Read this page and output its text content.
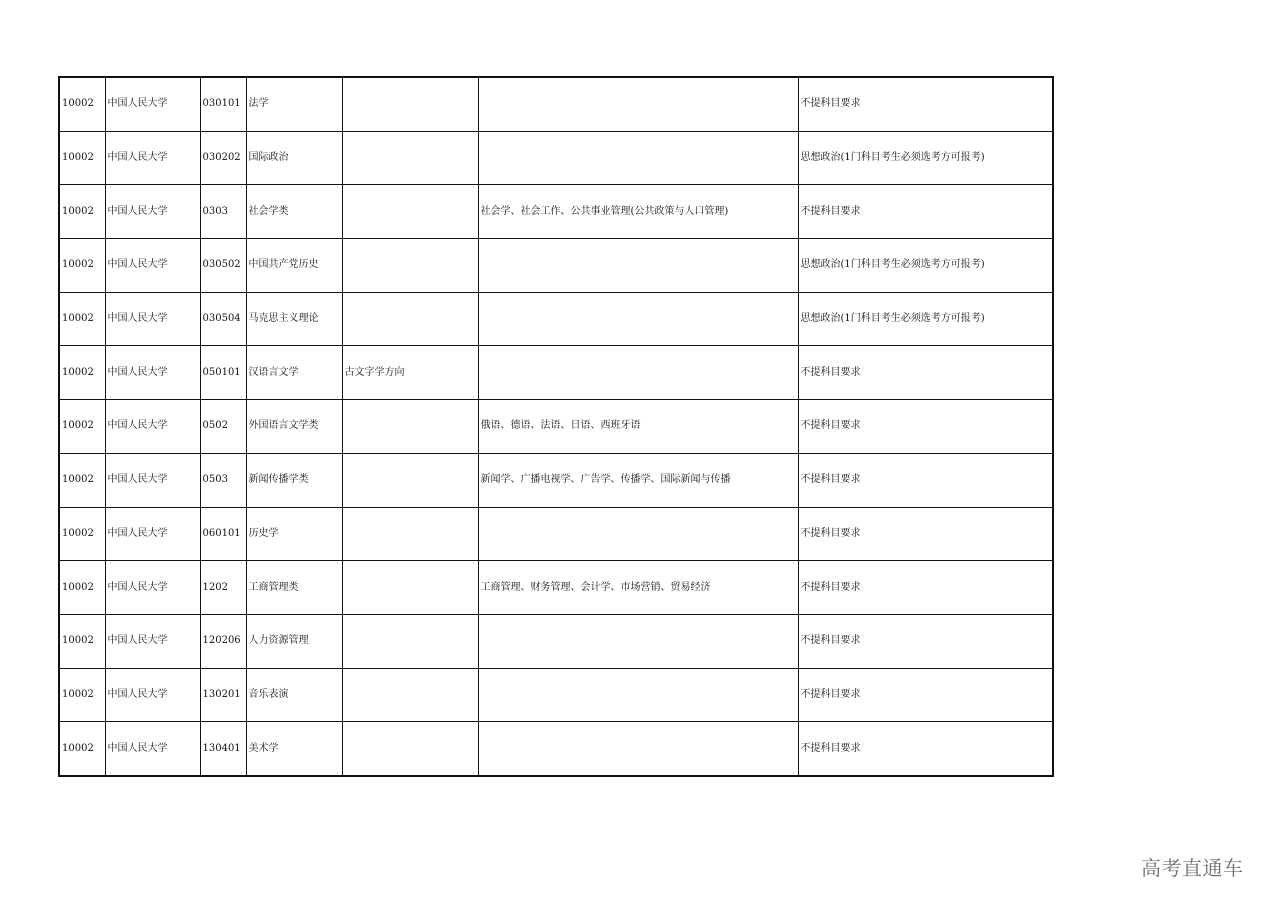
10002	中国人民大学	030101	法学			不提科目要求
10002	中国人民大学	030202	国际政治			思想政治(1门科目考生必须选考方可报考)
10002	中国人民大学	0303	社会学类		社会学、社会工作、公共事业管理(公共政策与人口管理)	不提科目要求
10002	中国人民大学	030502	中国共产党历史			思想政治(1门科目考生必须选考方可报考)
10002	中国人民大学	030504	马克思主义理论			思想政治(1门科目考生必须选考方可报考)
10002	中国人民大学	050101	汉语言文学	古文字学方向		不提科目要求
10002	中国人民大学	0502	外国语言文学类		俄语、德语、法语、日语、西班牙语	不提科目要求
10002	中国人民大学	0503	新闻传播学类		新闻学、广播电视学、广告学、传播学、国际新闻与传播	不提科目要求
10002	中国人民大学	060101	历史学			不提科目要求
10002	中国人民大学	1202	工商管理类		工商管理、财务管理、会计学、市场营销、贸易经济	不提科目要求
10002	中国人民大学	120206	人力资源管理			不提科目要求
10002	中国人民大学	130201	音乐表演			不提科目要求
10002	中国人民大学	130401	美术学			不提科目要求
高考直通车
